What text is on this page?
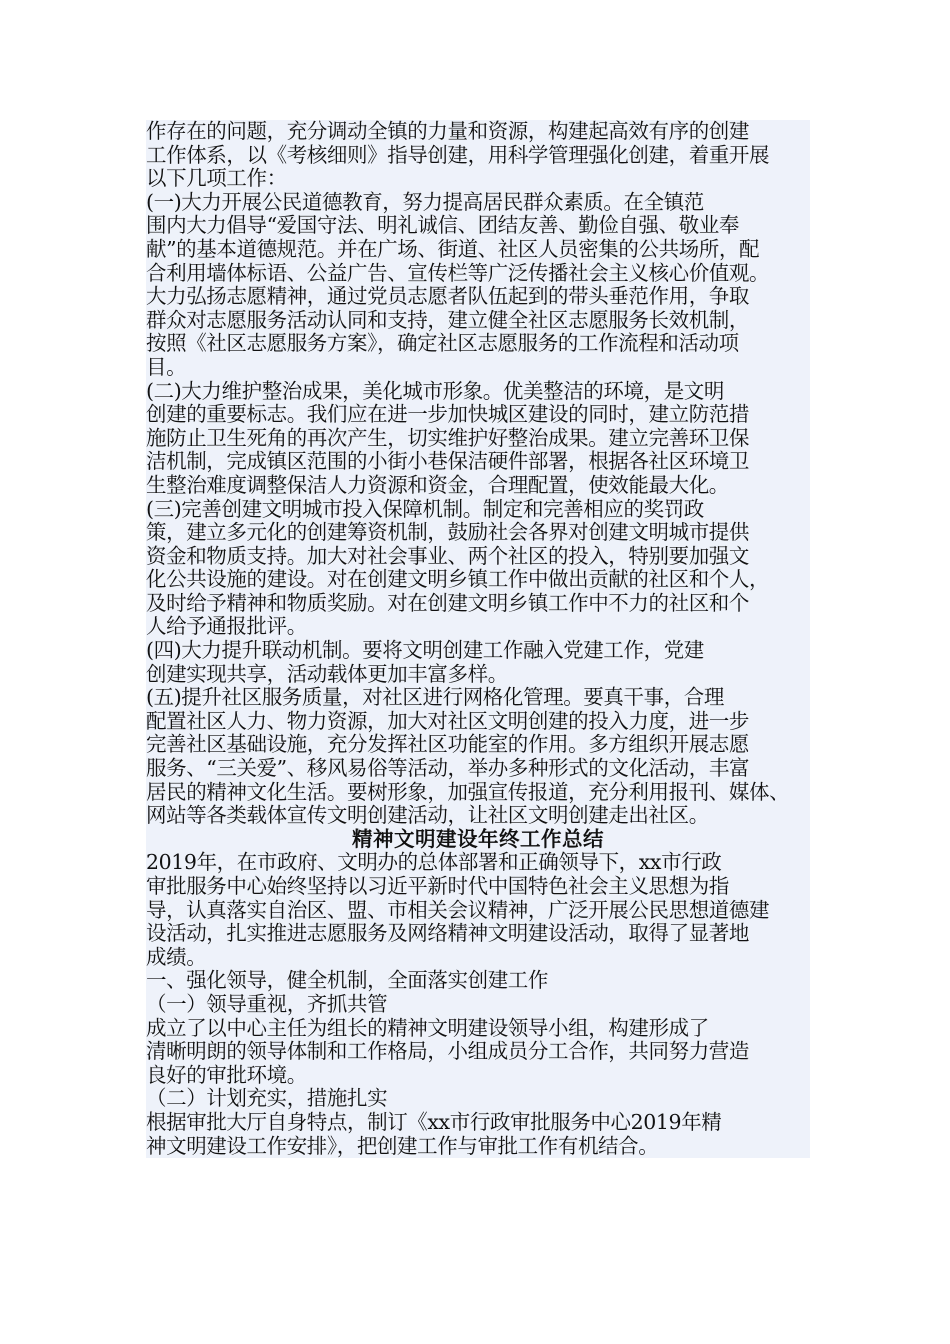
作存在的问题，充分调动全镇的力量和资源，构建起高效有序的创建
工作体系，以《考核细则》指导创建，用科学管理强化创建，着重开展
以下几项工作：
(一)大力开展公民道德教育，努力提高居民群众素质。在全镇范
围内大力倡导“爱国守法、明礼诚信、团结友善、勤俭自强、敬业奉
献”的基本道德规范。并在广场、街道、社区人员密集的公共场所，配
合利用墙体标语、公益广告、宣传栏等广泛传播社会主义核心价值观。
大力弘扬志愿精神，通过党员志愿者队伍起到的带头垂范作用，争取
群众对志愿服务活动认同和支持，建立健全社区志愿服务长效机制，
按照《社区志愿服务方案》，确定社区志愿服务的工作流程和活动项
目。
(二)大力维护整治成果，美化城市形象。优美整洁的环境，是文明
创建的重要标志。我们应在进一步加快城区建设的同时，建立防范措
施防止卫生死角的再次产生，切实维护好整治成果。建立完善环卫保
洁机制，完成镇区范围的小街小巷保洁硬件部署，根据各社区环境卫
生整治难度调整保洁人力资源和资金，合理配置，使效能最大化。
(三)完善创建文明城市投入保障机制。制定和完善相应的奖罚政
策，建立多元化的创建筹资机制，鼓励社会各界对创建文明城市提供
资金和物质支持。加大对社会事业、两个社区的投入，特别要加强文
化公共设施的建设。对在创建文明乡镇工作中做出贡献的社区和个人，
及时给予精神和物质奖励。对在创建文明乡镇工作中不力的社区和个
人给予通报批评。
(四)大力提升联动机制。要将文明创建工作融入党建工作，党建
创建实现共享，活动载体更加丰富多样。
(五)提升社区服务质量，对社区进行网格化管理。要真干事，合理
配置社区人力、物力资源，加大对社区文明创建的投入力度，进一步
完善社区基础设施，充分发挥社区功能室的作用。多方组织开展志愿
服务、“三关爱”、移风易俗等活动，举办多种形式的文化活动，丰富
居民的精神文化生活。要树形象，加强宣传报道，充分利用报刊、媒体、
网站等各类载体宣传文明创建活动，让社区文明创建走出社区。
精神文明建设年终工作总结
2019年，在市政府、文明办的总体部署和正确领导下，xx市行政
审批服务中心始终坚持以习近平新时代中国特色社会主义思想为指
导，认真落实自治区、盟、市相关会议精神，广泛开展公民思想道德建
设活动，扎实推进志愿服务及网络精神文明建设活动，取得了显著地
成绩。
一、强化领导，健全机制，全面落实创建工作
（一）领导重视，齐抓共管
成立了以中心主任为组长的精神文明建设领导小组，构建形成了
清晰明朗的领导体制和工作格局，小组成员分工合作，共同努力营造
良好的审批环境。
（二）计划充实，措施扎实
根据审批大厅自身特点，制订《xx市行政审批服务中心2019年精
神文明建设工作安排》，把创建工作与审批工作有机结合。
